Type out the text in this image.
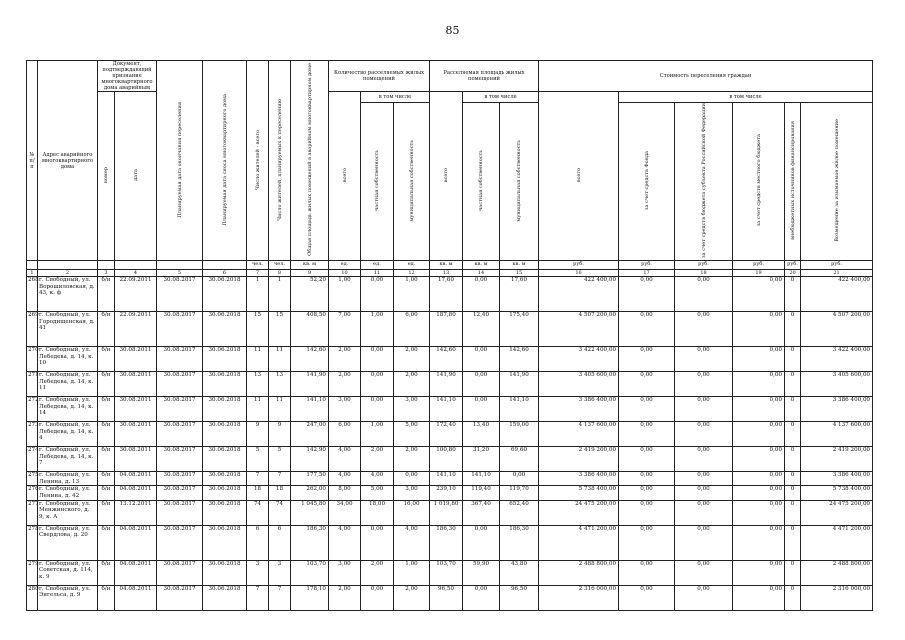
85
№ п/п	Адрес аварийного многоквартирного дома	Документ, подтверждающий признание многоквартирного дома аварийным		Планируемая дата окончания переселения	Планируемая дата сноса многоквартирного дома	Число жителей - всего	Число жителей, планируемых к переселению	Общая площадь жилых помещений в аварийном многоквартирном доме	Количество расселяемых жилых помещений			Расселяемая площадь жилых помещений			Стоимость переселения граждан					
		номер	дата						всего	в том числе		всего	в том числе		всего	в том числе				
										частная собственность	муниципальная собственность		частная собственность	муниципальная собственность		за счет средств Фонда	за счет средств бюджета субъекта Российской Федерации	за счет средств местного бюджета	внебюджетных источников финансирования	Возмещение за изымаемое жилое помещение
						чел.	чел.	кв. м	ед.	ед.	ед.	кв. м	кв. м	кв. м	руб.	руб.	руб.	руб.	руб.	руб.
1	2	3	4	5	6	7	8	9	10	11	12	13	14	15	16	17	18	19	20	21
268	г. Свободный, ул. Ворошиловская, д. 43, к. ф	б/н	22.09.2011	30.08.2017	30.06.2018	1	1	52,20	1,00	0,00	1,00	17,60	0,00	17,60	422 400,00	0,00	0,00	0,00	0	422 400,00
269	г. Свободный, ул. Городищенская, д. 41	б/н	22.09.2011	30.08.2017	30.06.2018	15	15	408,50	7,00	1,00	6,00	187,80	12,40	175,40	4 507 200,00	0,00	0,00	0,00	0	4 507 200,00
270	г. Свободный, ул. Лебедева, д. 14, к. 10	б/н	30.08.2011	30.08.2017	30.06.2018	11	11	142,60	2,00	0,00	2,00	142,60	0,00	142,60	3 422 400,00	0,00	0,00	0,00	0	3 422 400,00
271	г. Свободный, ул. Лебедева, д. 14, к. 11	б/н	30.08.2011	30.08.2017	30.06.2018	13	13	141,90	2,00	0,00	2,00	141,90	0,00	141,90	3 405 600,00	0,00	0,00	0,00	0	3 405 600,00
272	г. Свободный, ул. Лебедева, д. 14, к. 14	б/н	30.08.2011	30.08.2017	30.06.2018	11	11	141,10	3,00	0,00	3,00	141,10	0,00	141,10	3 386 400,00	0,00	0,00	0,00	0	3 386 400,00
273	г. Свободный, ул. Лебедева, д. 14, к. 4	б/н	30.08.2011	30.08.2017	30.06.2018	9	9	247,00	6,00	1,00	5,00	172,40	13,40	159,00	4 137 600,00	0,00	0,00	0,00	0	4 137 600,00
274	г. Свободный, ул. Лебедева, д. 14, к. 7	б/н	30.08.2011	30.08.2017	30.06.2018	5	5	142,90	4,00	2,00	2,00	100,80	31,20	69,60	2 419 200,00	0,00	0,00	0,00	0	2 419 200,00
275	г. Свободный, ул. Ленина, д. 13	б/н	04.08.2011	30.08.2017	30.06.2018	7	7	177,50	4,00	4,00	0,00	141,10	141,10	0,00	3 386 400,00	0,00	0,00	0,00	0	3 386 400,00
276	г. Свободный, ул. Ленина, д. 42	б/н	04.08.2011	30.08.2017	30.06.2018	18	18	262,00	8,00	5,00	3,00	239,10	119,40	119,70	5 738 400,00	0,00	0,00	0,00	0	5 738 400,00
277	г. Свободный, ул. Менжинского, д. 9, к. А	б/н	13.12.2011	30.08.2017	30.06.2018	74	74	1 045,80	34,00	18,00	16,00	1 019,80	367,40	652,40	24 475 200,00	0,00	0,00	0,00	0	24 475 200,00
278	г. Свободный, ул. Свердлова, д. 20	б/н	04.08.2011	30.08.2017	30.06.2018	6	6	186,30	4,00	0,00	4,00	186,30	0,00	186,30	4 471 200,00	0,00	0,00	0,00	0	4 471 200,00
279	г. Свободный, ул. Советская, д. 114, к. 9	б/н	04.08.2011	30.08.2017	30.06.2018	3	3	103,70	3,00	2,00	1,00	103,70	59,90	43,80	2 488 800,00	0,00	0,00	0,00	0	2 488 800,00
280	г. Свободный, ул. Энгельса, д. 9	б/н	04.08.2011	30.08.2017	30.06.2018	7	7	178,10	2,00	0,00	2,00	96,50	0,00	96,50	2 316 000,00	0,00	0,00	0,00	0	2 316 000,00
